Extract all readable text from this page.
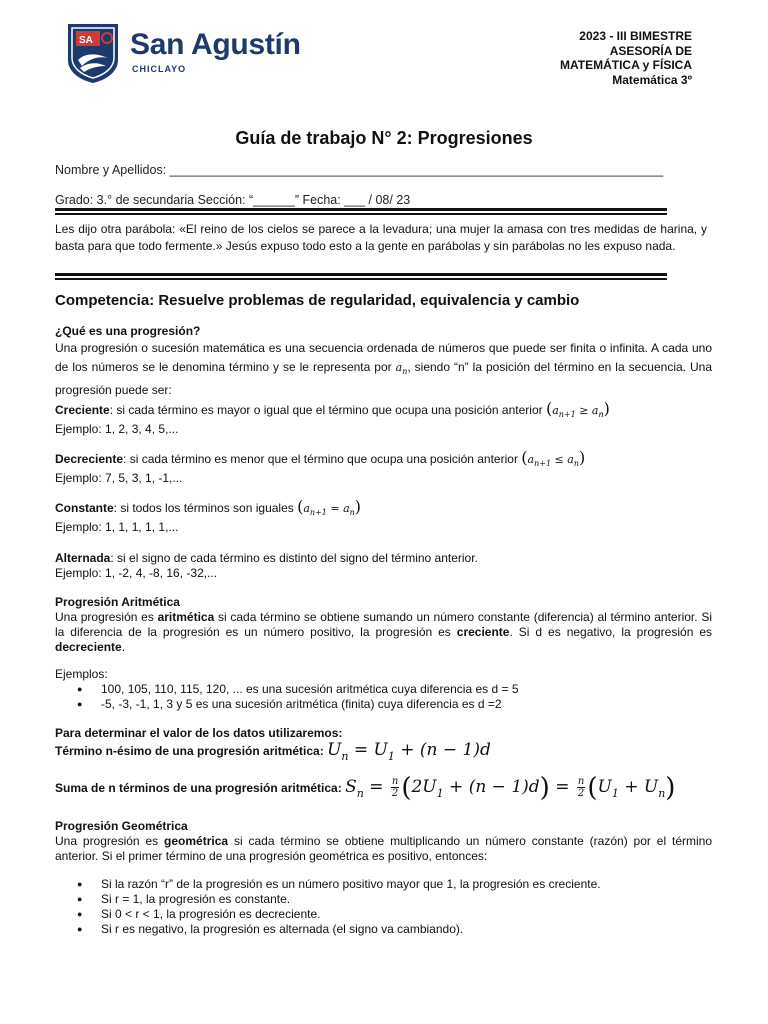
SA San Agustín
CHICLAYO
2023 - III BIMESTRE
ASESORÍA DE
MATEMÁTICA y FÍSICA
Matemática 3º
Guía de trabajo N° 2: Progresiones
Nombre y Apellidos: _______________________________________________________________________
Grado: 3.° de secundaria Sección: “______” Fecha: ___ / 08/ 23
Les dijo otra parábola: «El reino de los cielos se parece a la levadura; una mujer la amasa con tres medidas de harina, y basta para que todo fermente.» Jesús expuso todo esto a la gente en parábolas y sin parábolas no les expuso nada.
Competencia: Resuelve problemas de regularidad, equivalencia y cambio
¿Qué es una progresión?
Una progresión o sucesión matemática es una secuencia ordenada de números que puede ser finita o infinita. A cada uno de los números se le denomina término y se le representa por $a_n$, siendo “n” la posición del término en la secuencia. Una progresión puede ser:
Creciente: si cada término es mayor o igual que el término que ocupa una posición anterior $(a_{n+1} \ge a_n)$
Ejemplo: 1, 2, 3, 4, 5,...
Decreciente: si cada término es menor que el término que ocupa una posición anterior $(a_{n+1} \le a_n)$
Ejemplo: 7, 5, 3, 1, -1,...
Constante: si todos los términos son iguales $(a_{n+1} = a_n)$
Ejemplo: 1, 1, 1, 1, 1,...
Alternada: si el signo de cada término es distinto del signo del término anterior.
Ejemplo: 1, -2, 4, -8, 16, -32,...
Progresión Aritmética
Una progresión es aritmética si cada término se obtiene sumando un número constante (diferencia) al término anterior. Si la diferencia de la progresión es un número positivo, la progresión es creciente. Si d es negativo, la progresión es decreciente.
Ejemplos:
● 100, 105, 110, 115, 120, ... es una sucesión aritmética cuya diferencia es d = 5
● -5, -3, -1, 1, 3 y 5 es una sucesión aritmética (finita) cuya diferencia es d =2
Para determinar el valor de los datos utilizaremos:
Término n-ésimo de una progresión aritmética: $U_n = U_1 + (n - 1)d$
Suma de n términos de una progresión aritmética: $S_n = \frac{n}{2} (2U_1 + (n - 1)d) = \frac{n}{2} (U_1 + U_n)$
Progresión Geométrica
Una progresión es geométrica si cada término se obtiene multiplicando un número constante (razón) por el término anterior. Si el primer término de una progresión geométrica es positivo, entonces:
● Si la razón “r” de la progresión es un número positivo mayor que 1, la progresión es creciente.
● Si r = 1, la progresión es constante.
● Si 0 < r < 1, la progresión es decreciente.
● Si r es negativo, la progresión es alternada (el signo va cambiando).
